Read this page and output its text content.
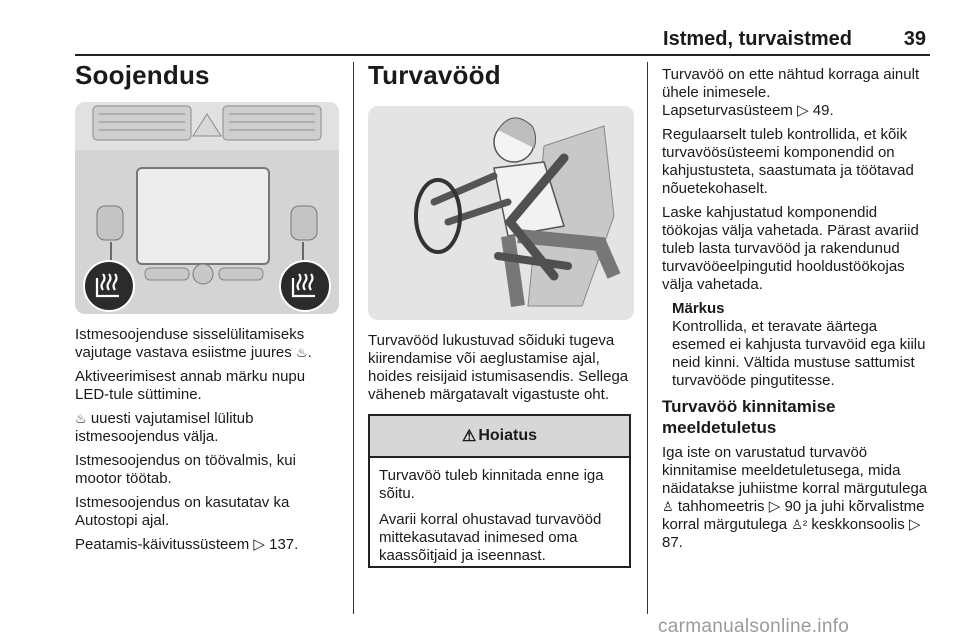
Istmed, turvaistmed	39
Soojendus

Istmesoojenduse sisselülitamiseks vajutage vastava esiistme juures ♨.

Aktiveerimisest annab märku nupu LED-tule süttimine.

♨ uuesti vajutamisel lülitub istmesoojendus välja.

Istmesoojendus on töövalmis, kui mootor töötab.

Istmesoojendus on kasutatav ka Autostopi ajal.

Peatamis-käivitussüsteem ▷ 137.

Turvavööd

Turvavööd lukustuvad sõiduki tugeva kiirendamise või aeglustamise ajal, hoides reisijaid istumisasendis. Sellega väheneb märgatavalt vigastuste oht.

⚠ Hoiatus

Turvavöö tuleb kinnitada enne iga sõitu.

Avarii korral ohustavad turvavööd mittekasutavad inimesed oma kaassõitjaid ja iseennast.

Turvavöö on ette nähtud korraga ainult ühele inimesele.

Lapseturvasüsteem ▷ 49.

Regulaarselt tuleb kontrollida, et kõik turvavöösüsteemi komponendid on kahjustusteta, saastumata ja töötavad nõuetekohaselt.

Laske kahjustatud komponendid töökojas välja vahetada. Pärast avariid tuleb lasta turvavööd ja rakendunud turvavööeelpingutid hooldustöökojas välja vahetada.

Märkus

Kontrollida, et teravate äärtega esemed ei kahjusta turvavöid ega kiilu neid kinni. Vältida mustuse sattumist turvavööde pingutitesse.

Turvavöö kinnitamise meeldetuletus

Iga iste on varustatud turvavöö kinnitamise meeldetuletusega, mida näidatakse juhiistme korral märgutulega ♙ tahhomeetris ▷ 90 ja juhi kõrvalistme korral märgutulega ♙² keskkonsoolis ▷ 87.

carmanualsonline.info
